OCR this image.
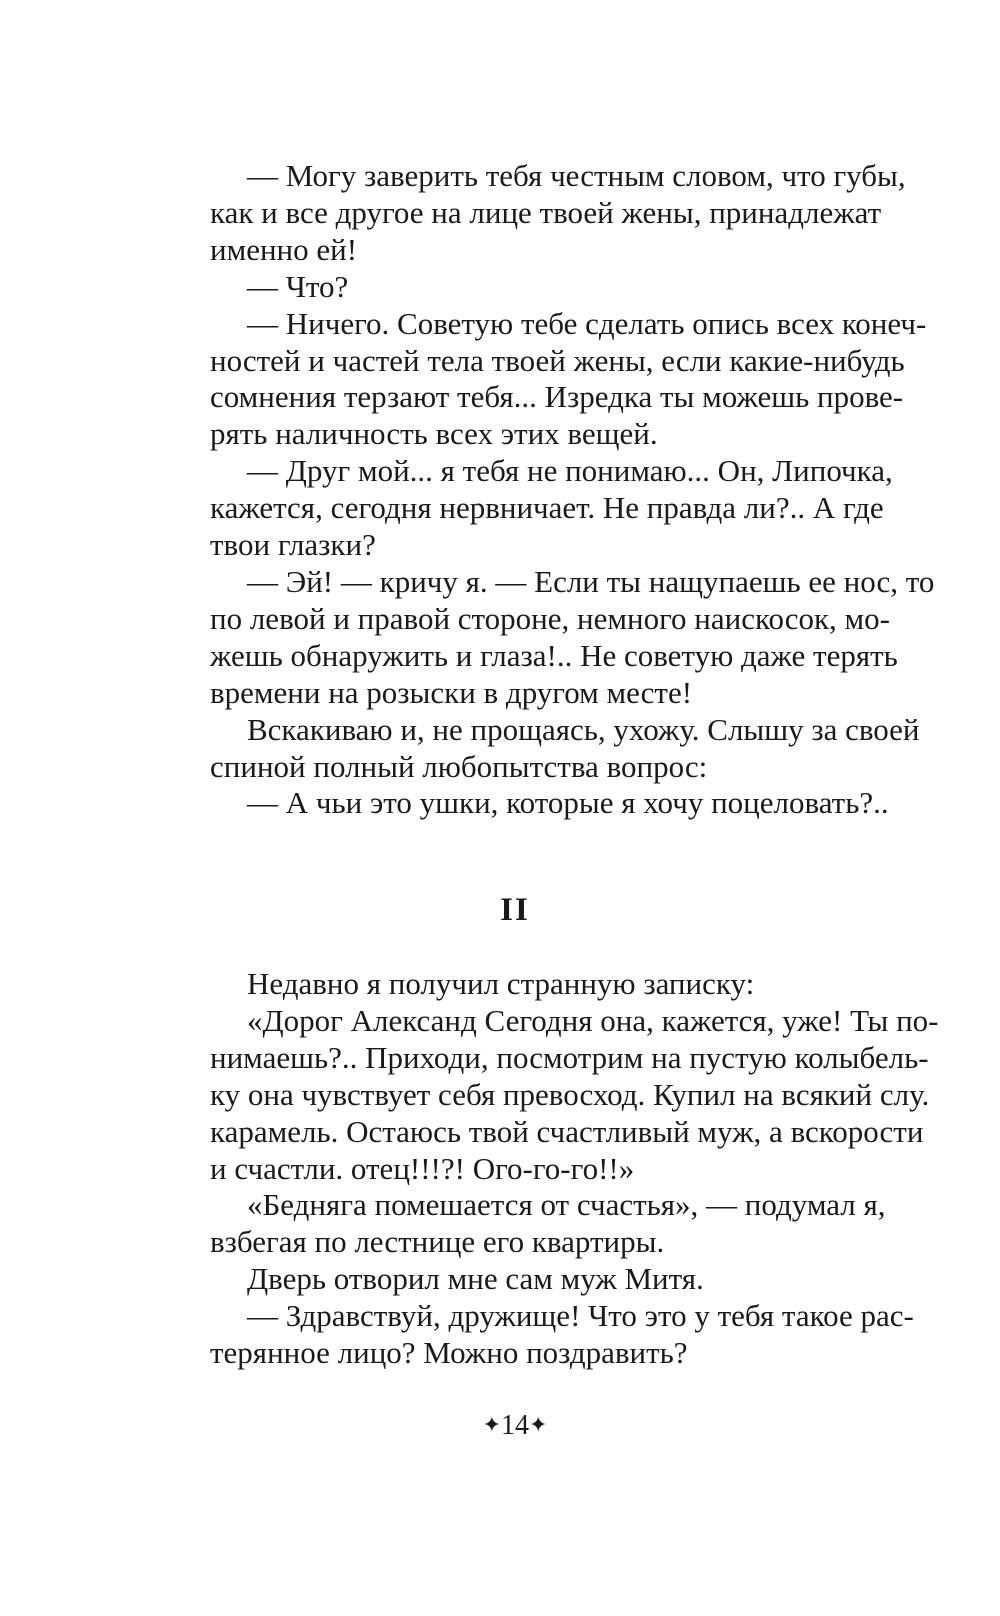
— Могу заверить тебя честным словом, что губы,
как и все другое на лице твоей жены, принадлежат
именно ей!

— Что?

— Ничего. Советую тебе сделать опись всех конеч-
ностей и частей тела твоей жены, если какие-нибудь
сомнения терзают тебя... Изредка ты можешь прове-
рять наличность всех этих вещей.

— Друг мой... я тебя не понимаю... Он, Липочка,
кажется, сегодня нервничает. Не правда ли?.. А где
твои глазки?

— Эй! — кричу я. — Если ты нащупаешь ее нос, то
по левой и правой стороне, немного наискосок, мо-
жешь обнаружить и глаза!.. Не советую даже терять
времени на розыски в другом месте!

Вскакиваю и, не прощаясь, ухожу. Слышу за своей
спиной полный любопытства вопрос:

— А чьи это ушки, которые я хочу поцеловать?..

II

Недавно я получил странную записку:

«Дорог Александ Сегодня она, кажется, уже! Ты по-
нимаешь?.. Приходи, посмотрим на пустую колыбель-
ку она чувствует себя превосход. Купил на всякий слу.
карамель. Остаюсь твой счастливый муж, а вскорости
и счастли. отец!!!?! Ого-го-го!!»

«Бедняга помешается от счастья», — подумал я,
взбегая по лестнице его квартиры.

Дверь отворил мне сам муж Митя.

— Здравствуй, дружище! Что это у тебя такое рас-
терянное лицо? Можно поздравить?

✦14✦
